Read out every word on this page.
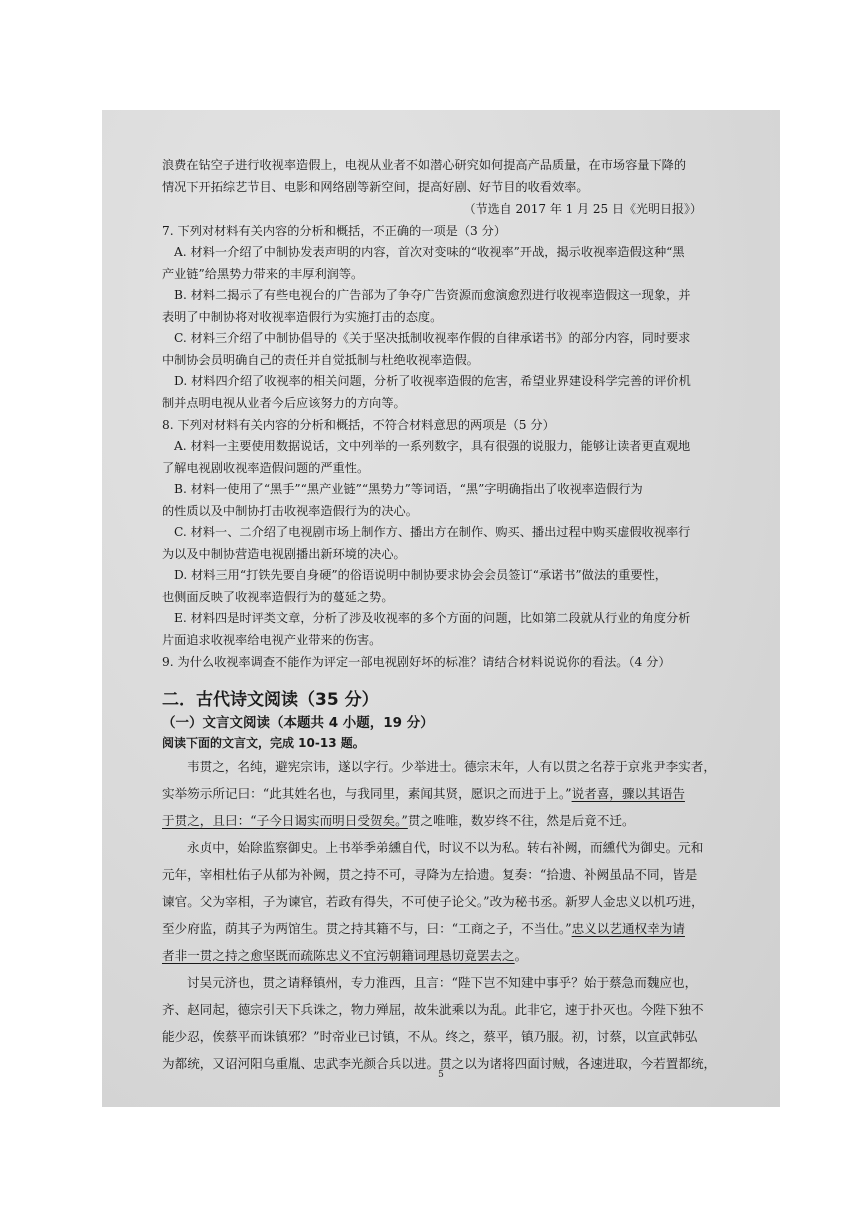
浪费在钻空子进行收视率造假上，电视从业者不如潜心研究如何提高产品质量，在市场容量下降的

情况下开拓综艺节目、电影和网络剧等新空间，提高好剧、好节目的收看效率。

（节选自 2017 年 1 月 25 日《光明日报》）

7. 下列对材料有关内容的分析和概括，不正确的一项是（3 分）

A. 材料一介绍了中制协发表声明的内容，首次对变味的“收视率”开战，揭示收视率造假这种“黑
产业链”给黑势力带来的丰厚利润等。
B. 材料二揭示了有些电视台的广告部为了争夺广告资源而愈演愈烈进行收视率造假这一现象，并
表明了中制协将对收视率造假行为实施打击的态度。
C. 材料三介绍了中制协倡导的《关于坚决抵制收视率作假的自律承诺书》的部分内容，同时要求
中制协会员明确自己的责任并自觉抵制与杜绝收视率造假。
D. 材料四介绍了收视率的相关问题，分析了收视率造假的危害，希望业界建设科学完善的评价机
制并点明电视从业者今后应该努力的方向等。

8. 下列对材料有关内容的分析和概括，不符合材料意思的两项是（5 分）

A. 材料一主要使用数据说话，文中列举的一系列数字，具有很强的说服力，能够让读者更直观地
了解电视剧收视率造假问题的严重性。
B. 材料一使用了“黑手”“黑产业链”“黑势力”等词语，“黑”字明确指出了收视率造假行为
的性质以及中制协打击收视率造假行为的决心。
C. 材料一、二介绍了电视剧市场上制作方、播出方在制作、购买、播出过程中购买虚假收视率行
为以及中制协营造电视剧播出新环境的决心。
D. 材料三用“打铁先要自身硬”的俗语说明中制协要求协会会员签订“承诺书”做法的重要性，
也侧面反映了收视率造假行为的蔓延之势。
E. 材料四是时评类文章，分析了涉及收视率的多个方面的问题，比如第二段就从行业的角度分析
片面追求收视率给电视产业带来的伤害。

9. 为什么收视率调查不能作为评定一部电视剧好坏的标准？请结合材料说说你的看法。（4 分）

二．古代诗文阅读（35 分）

（一）文言文阅读（本题共 4 小题，19 分）

阅读下面的文言文，完成 10-13 题。

韦贯之，名纯，避宪宗讳，遂以字行。少举进士。德宗末年，人有以贯之名荐于京兆尹李实者，

实举笏示所记曰：“此其姓名也，与我同里，素闻其贤，愿识之而进于上。”说者喜，骤以其语告

于贯之，且曰：“子今日谒实而明日受贺矣。”贯之唯唯，数岁终不往，然是后竟不迁。

永贞中，始除监察御史。上书举季弟纁自代，时议不以为私。转右补阙，而纁代为御史。元和

元年，宰相杜佑子从郁为补阙，贯之持不可，寻降为左拾遗。复奏：“拾遗、补阙虽品不同，皆是

谏官。父为宰相，子为谏官，若政有得失，不可使子论父。”改为秘书丞。新罗人金忠义以机巧进，

至少府监，荫其子为两馆生。贯之持其籍不与，曰：“工商之子，不当仕。”忠义以艺通权幸为请

者非一贯之持之愈坚既而疏陈忠义不宜污朝籍词理恳切竟罢去之。

讨吴元济也，贯之请释镇州，专力淮西，且言：“陛下岂不知建中事乎？始于蔡急而魏应也，

齐、赵同起，德宗引天下兵诛之，物力殚屈，故朱泚乘以为乱。此非它，速于扑灭也。今陛下独不

能少忍，俟蔡平而诛镇邪？”时帝业已讨镇，不从。终之，蔡平，镇乃服。初，讨蔡，以宣武韩弘

为都统，又诏河阳乌重胤、忠武李光颜合兵以进。贯之以为诸将四面讨贼，各速进取，今若置都统，

5
